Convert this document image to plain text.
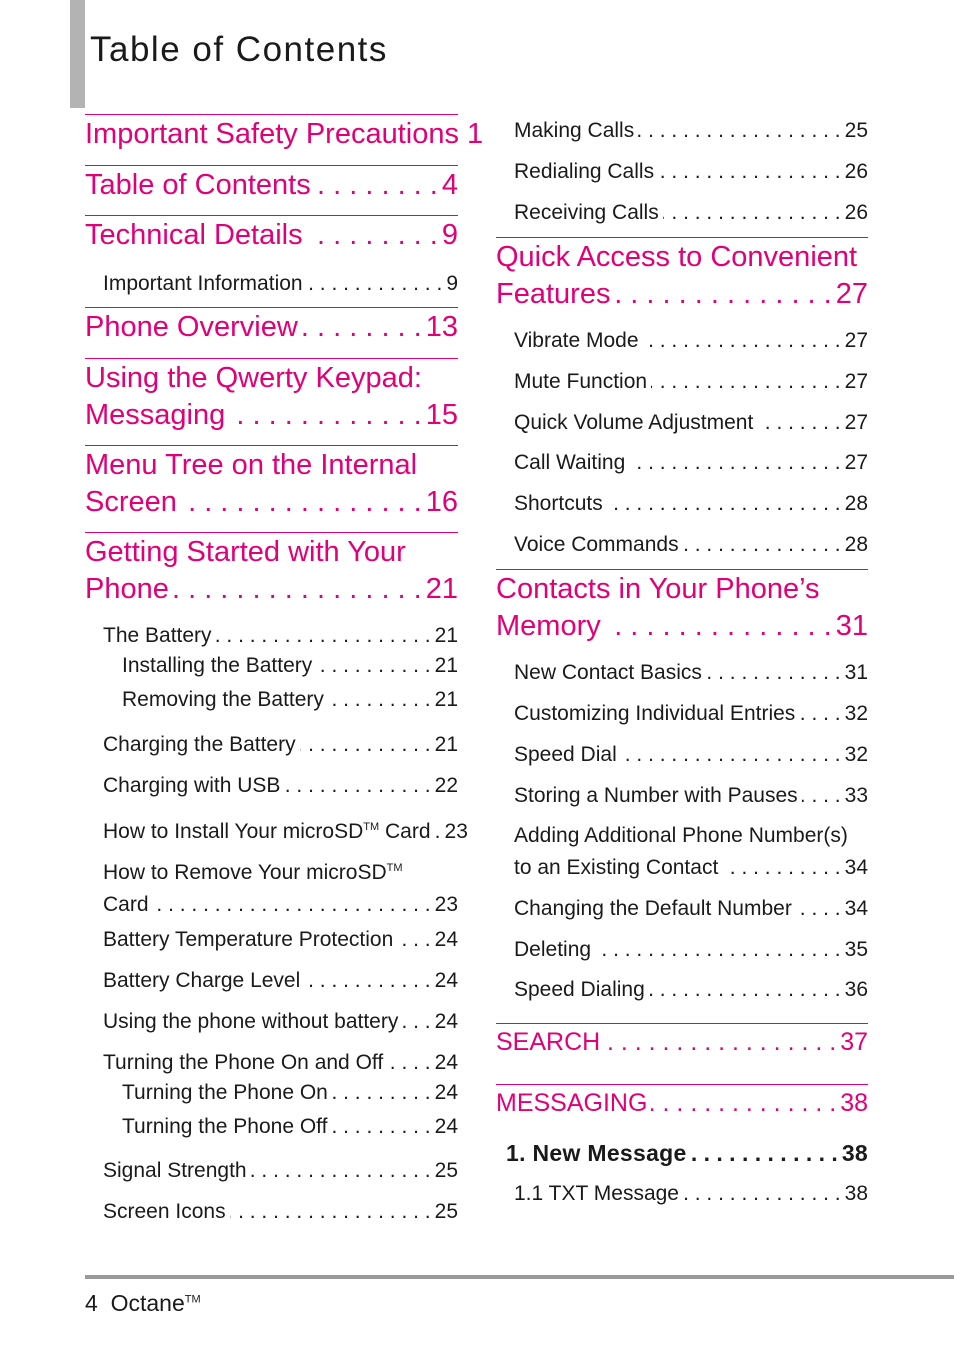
Table of Contents
Important Safety Precautions 1
Table of Contents . . .	4
Technical Details . . .	9
Important Information . . .	9
Phone Overview . . .	13
Using the Qwerty Keypad:
Messaging . . .	15
Menu Tree on the Internal
Screen . . .	16
Getting Started with Your
Phone . . .	21
The Battery . . .	21
Installing the Battery . . .	21
Removing the Battery . . .	21
Charging the Battery . . .	21
Charging with USB . . .	22
How to Install Your microSD™ Card . . . 23
How to Remove Your microSD™
Card . . .	23
Battery Temperature Protection . . . 24
Battery Charge Level . . .	24
Using the phone without battery . . . 24
Turning the Phone On and Off . . . 24
Turning the Phone On . . .	24
Turning the Phone Off . . .	24
Signal Strength . . .	25
Screen Icons . . .	25
Making Calls . . .	25
Redialing Calls . . .	26
Receiving Calls . . .	26
Quick Access to Convenient
Features . . .	27
Vibrate Mode . . .	27
Mute Function . . .	27
Quick Volume Adjustment . . .	27
Call Waiting . . .	27
Shortcuts . . .	28
Voice Commands . . .	28
Contacts in Your Phone’s
Memory . . .	31
New Contact Basics . . .	31
Customizing Individual Entries . . . 32
Speed Dial . . .	32
Storing a Number with Pauses . . . 33
Adding Additional Phone Number(s)
to an Existing Contact . . .	34
Changing the Default Number . . .	34
Deleting . . .	35
Speed Dialing . . .	36
SEARCH . . .	37
MESSAGING . . .	38
1. New Message . . .	38
1.1 TXT Message . . .	38
4 Octane™
